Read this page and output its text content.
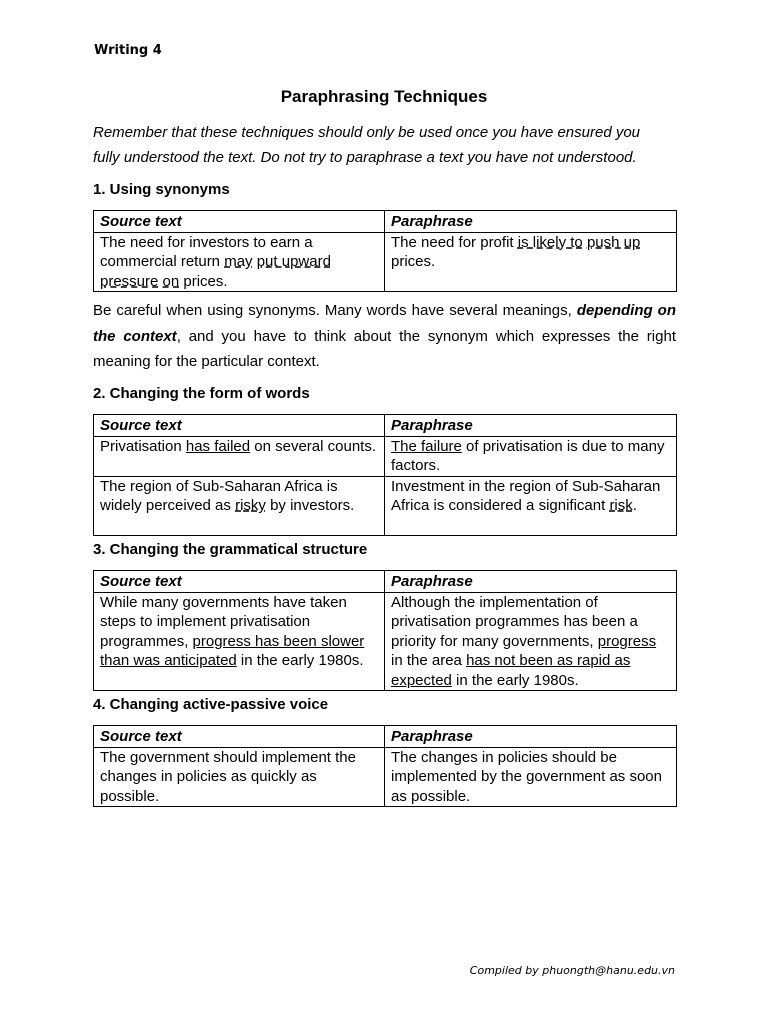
Writing 4
Paraphrasing Techniques
Remember that these techniques should only be used once you have ensured you
fully understood the text. Do not try to paraphrase a text you have not understood.
1. Using synonyms
Source text	Paraphrase
The need for investors to earn a commercial return may put upward pressure on prices.	The need for profit is likely to push up prices.
Be careful when using synonyms. Many words have several meanings, depending on the context, and you have to think about the synonym which expresses the right meaning for the particular context.
2. Changing the form of words
Source text	Paraphrase
Privatisation has failed on several counts.	The failure of privatisation is due to many factors.
The region of Sub-Saharan Africa is widely perceived as risky by investors.	Investment in the region of Sub-Saharan Africa is considered a significant risk.
3. Changing the grammatical structure
Source text	Paraphrase
While many governments have taken steps to implement privatisation programmes, progress has been slower than was anticipated in the early 1980s.	Although the implementation of privatisation programmes has been a priority for many governments, progress in the area has not been as rapid as expected in the early 1980s.
4. Changing active-passive voice
Source text	Paraphrase
The government should implement the changes in policies as quickly as possible.	The changes in policies should be implemented by the government as soon as possible.
Compiled by phuongth@hanu.edu.vn
